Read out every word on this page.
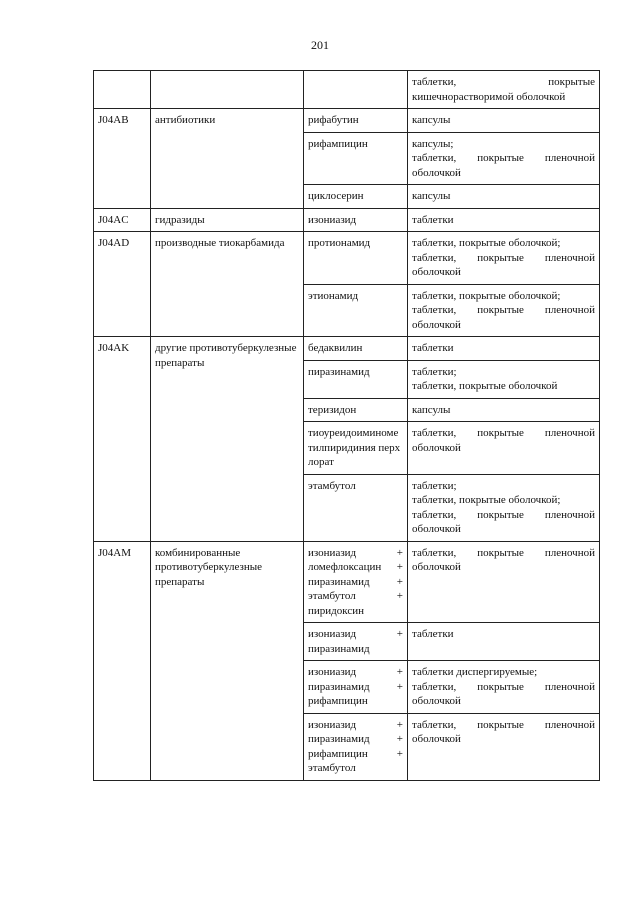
201

			таблетки, покрытые
кишечнорастворимой оболочкой

J04AB	антибиотики	рифабутин	капсулы

		рифампицин	капсулы;
таблетки, покрытые пленочной
оболочкой

		циклосерин	капсулы

J04AC	гидразиды	изониазид	таблетки

J04AD	производные тиокарбамида	протионамид	таблетки, покрытые оболочкой;
таблетки, покрытые пленочной
оболочкой

		этионамид	таблетки, покрытые оболочкой;
таблетки, покрытые пленочной
оболочкой

J04AK	другие противотуберкулезные препараты	бедаквилин	таблетки

		пиразинамид	таблетки;
таблетки, покрытые оболочкой

		теризидон	капсулы

		тиоуреидоиминометилпиридиния перхлорат	таблетки, покрытые пленочной
оболочкой

		этамбутол	таблетки;
таблетки, покрытые оболочкой;
таблетки, покрытые пленочной
оболочкой

J04AM	комбинированные противотуберкулезные препараты	изониазид +
ломефлоксацин +
пиразинамид +
этамбутол +
пиридоксин	таблетки, покрытые пленочной
оболочкой

		изониазид +
пиразинамид	таблетки

		изониазид +
пиразинамид +
рифампицин	таблетки диспергируемые;
таблетки, покрытые пленочной
оболочкой

		изониазид +
пиразинамид +
рифампицин +
этамбутол	таблетки, покрытые пленочной
оболочкой
